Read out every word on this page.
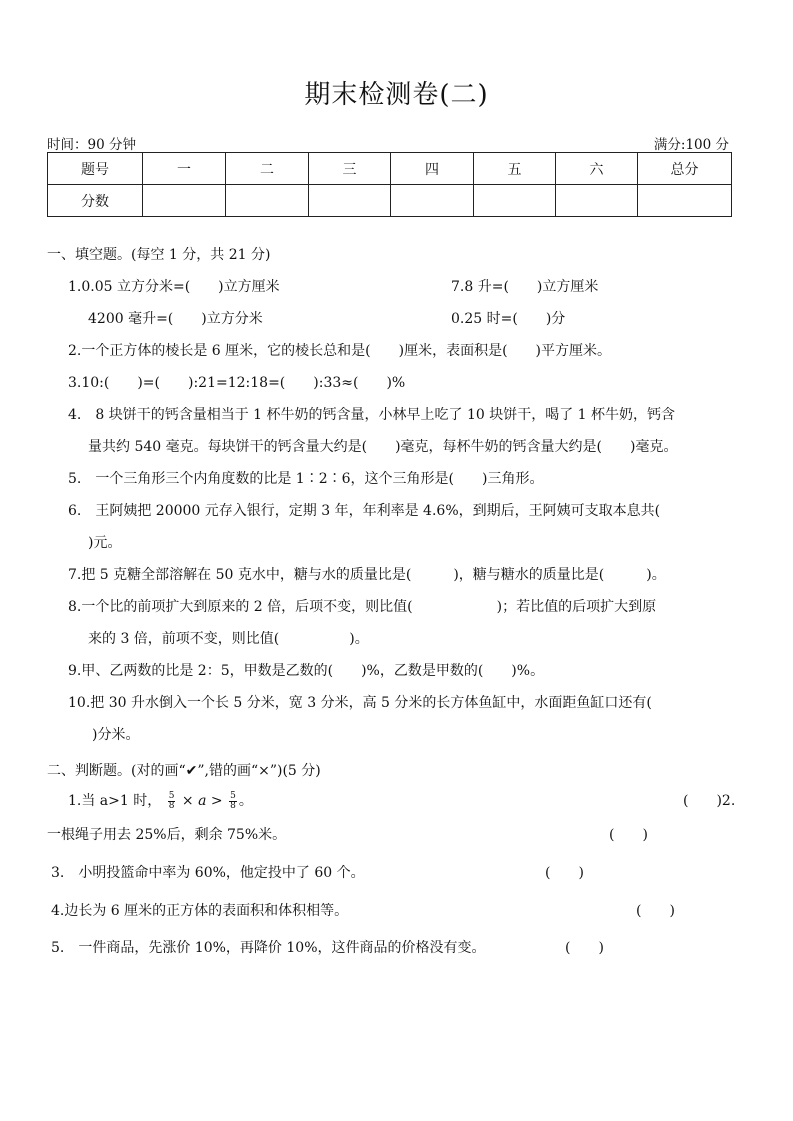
期末检测卷(二)
时间：90 分钟	满分:100 分
题号	一	二	三	四	五	六	总分
分数							
一、填空题。(每空 1 分，共 21 分)
1.0.05 立方分米=(　　)立方厘米	7.8 升=(　　)立方厘米
4200 毫升=(　　)立方分米	0.25 时=(　　)分
2.一个正方体的棱长是 6 厘米，它的棱长总和是(　　)厘米，表面积是(　　)平方厘米。
3.10:(　　)=(　　):21=12:18=(　　):33≈(　　)%
4.　8 块饼干的钙含量相当于 1 杯牛奶的钙含量，小林早上吃了 10 块饼干，喝了 1 杯牛奶，钙含
量共约 540 毫克。每块饼干的钙含量大约是(　　)毫克，每杯牛奶的钙含量大约是(　　)毫克。
5.　一个三角形三个内角度数的比是 1∶2∶6，这个三角形是(　　)三角形。
6.　王阿姨把 20000 元存入银行，定期 3 年，年利率是 4.6%，到期后，王阿姨可支取本息共(
)元。
7.把 5 克糖全部溶解在 50 克水中，糖与水的质量比是(　　　)，糖与糖水的质量比是(　　　)。
8.一个比的前项扩大到原来的 2 倍，后项不变，则比值(　　　　　　)；若比值的后项扩大到原
来的 3 倍，前项不变，则比值(　　　　　)。
9.甲、乙两数的比是 2：5，甲数是乙数的(　　)%，乙数是甲数的(　　)%。
10.把 30 升水倒入一个长 5 分米，宽 3 分米，高 5 分米的长方体鱼缸中，水面距鱼缸口还有(
)分米。
二、判断题。(对的画“✔”,错的画“×”)(5 分)
1.当 a>1 时， $\frac{5}{8} \times a > \frac{5}{8}$ 。	(　　)2.
一根绳子用去 25%后，剩余 75%米。	(　　)
3.　小明投篮命中率为 60%，他定投中了 60 个。	(　　)
4.边长为 6 厘米的正方体的表面积和体积相等。	(　　)
5.　一件商品，先涨价 10%，再降价 10%，这件商品的价格没有变。	(　　)
